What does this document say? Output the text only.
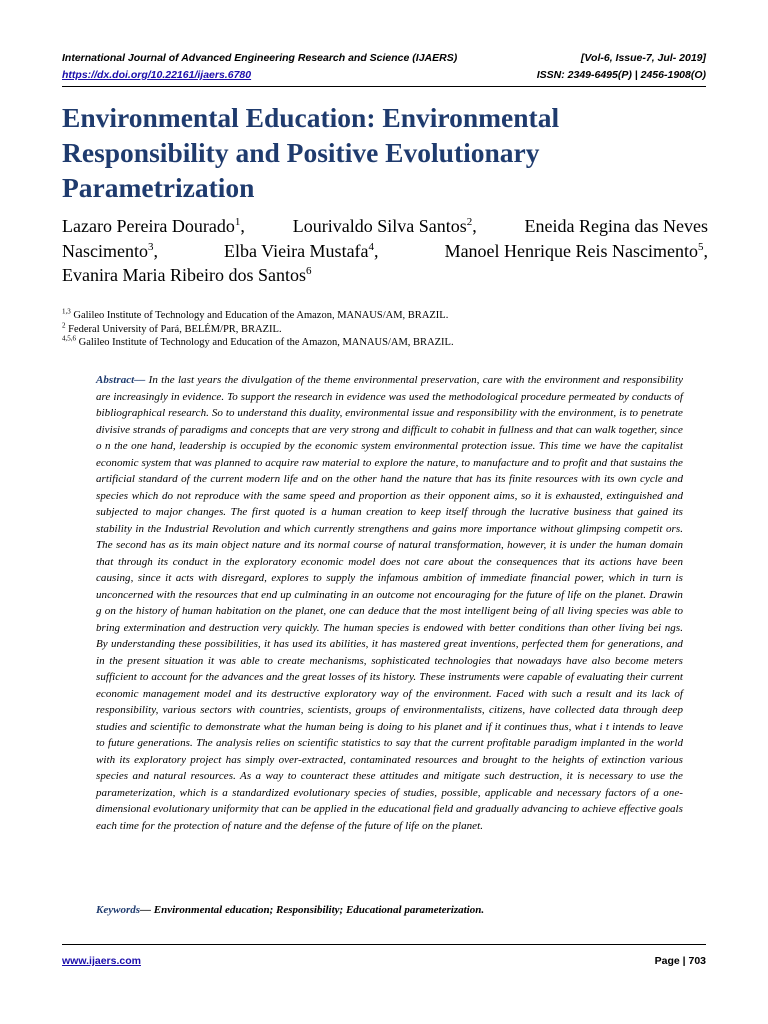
International Journal of Advanced Engineering Research and Science (IJAERS)
https://dx.doi.org/10.22161/ijaers.6780
[Vol-6, Issue-7, Jul- 2019]
ISSN: 2349-6495(P) | 2456-1908(O)
Environmental Education: Environmental
Responsibility and Positive Evolutionary
Parametrization
Lazaro Pereira Dourado$^1$,	Lourivaldo Silva Santos$^2$,	Eneida Regina das Neves
Nascimento$^3$,	Elba Vieira Mustafa$^4$,	Manoel Henrique Reis Nascimento$^5$,
Evanira Maria Ribeiro dos Santos$^6$
$^{1,3}$ Galileo Institute of Technology and Education of the Amazon, MANAUS/AM, BRAZIL.
$^2$ Federal University of Pará, BELÉM/PR, BRAZIL.
$^{4,5,6}$ Galileo Institute of Technology and Education of the Amazon, MANAUS/AM, BRAZIL.
Abstract— In the last years the divulgation of the theme environmental preservation, care with the environment and responsibility are increasingly in evidence. To support the research in evidence was used the methodological procedure permeated by conducts of bibliographical research. So to understand this duality, environmental issue and responsibility with the environment, is to penetrate divisive strands of paradigms and concepts that are very strong and difficult to cohabit in fullness and that can walk together, since o n the one hand, leadership is occupied by the economic system environmental protection issue. This time we have the capitalist economic system that was planned to acquire raw material to explore the nature, to manufacture and to profit and that sustains the artificial standard of the current modern life and on the other hand the nature that has its finite resources with its own cycle and species which do not reproduce with the same speed and proportion as their opponent aims, so it is exhausted, extinguished and subjected to major changes. The first quoted is a human creation to keep itself through the lucrative business that gained its stability in the Industrial Revolution and which currently strengthens and gains more importance without glimpsing competit ors. The second has as its main object nature and its normal course of natural transformation, however, it is under the human domain that through its conduct in the exploratory economic model does not care about the consequences that its actions have been causing, since it acts with disregard, explores to supply the infamous ambition of immediate financial power, which in turn is unconcerned with the resources that end up culminating in an outcome not encouraging for the future of life on the planet. Drawin g on the history of human habitation on the planet, one can deduce that the most intelligent being of all living species was able to bring extermination and destruction very quickly. The human species is endowed with better conditions than other living bei ngs. By understanding these possibilities, it has used its abilities, it has mastered great inventions, perfected them for generations, and in the present situation it was able to create mechanisms, sophisticated technologies that nowadays have also become meters sufficient to account for the advances and the great losses of its history. These instruments were capable of evaluating their current economic management model and its destructive exploratory way of the environment. Faced with such a result and its lack of responsibility, various sectors with countries, scientists, groups of environmentalists, citizens, have collected data through deep studies and scientific to demonstrate what the human being is doing to his planet and if it continues thus, what i t intends to leave to future generations. The analysis relies on scientific statistics to say that the current profitable paradigm implanted in the world with its exploratory project has simply over-extracted, contaminated resources and brought to the heights of extinction various species and natural resources. As a way to counteract these attitudes and mitigate such destruction, it is necessary to use the parameterization, which is a standardized evolutionary species of studies, possible, applicable and necessary factors of a one-dimensional evolutionary uniformity that can be applied in the educational field and gradually advancing to achieve effective goals each time for the protection of nature and the defense of the future of life on the planet.
Keywords— Environmental education; Responsibility; Educational parameterization.
www.ijaers.com	Page | 703
